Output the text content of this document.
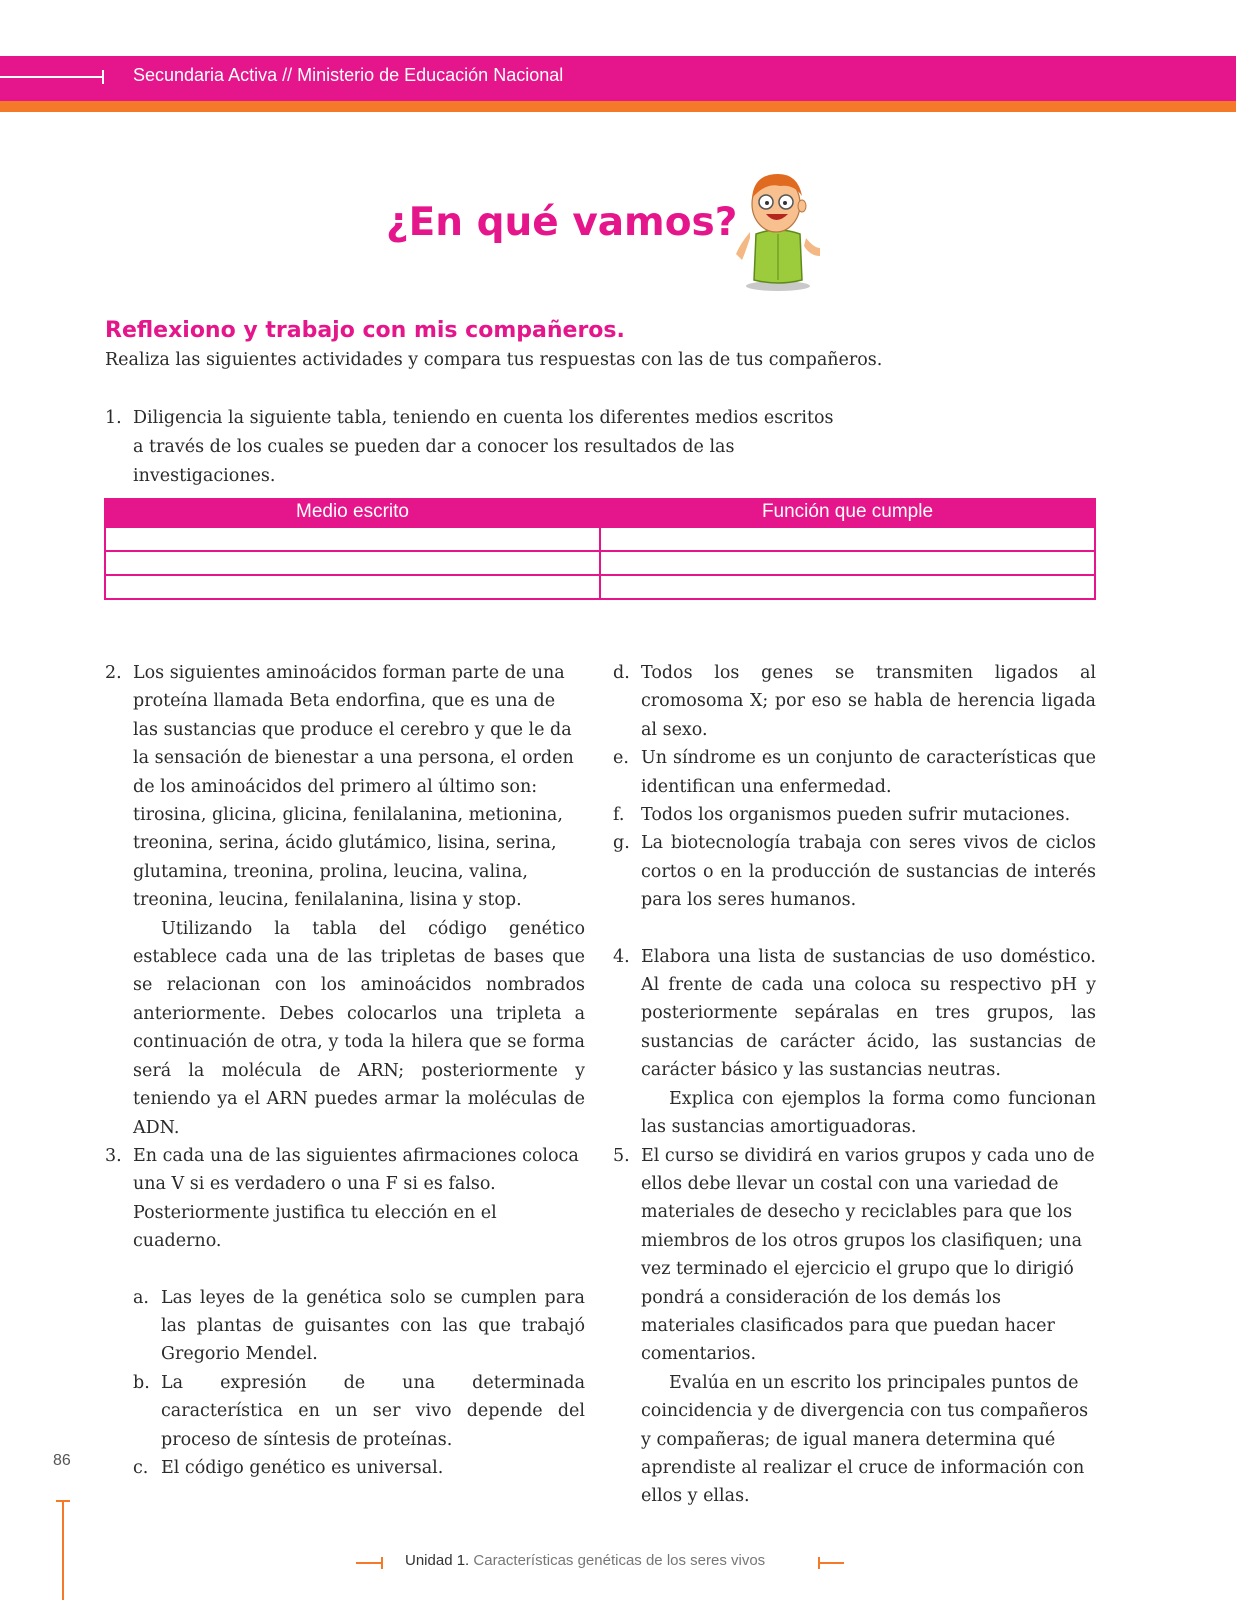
Secundaria Activa // Ministerio de Educación Nacional
¿En qué vamos?
Reflexiono y trabajo con mis compañeros.
Realiza las siguientes actividades y compara tus respuestas con las de tus compañeros.
1. Diligencia la siguiente tabla, teniendo en cuenta los diferentes medios escritos a través de los cuales se pueden dar a conocer los resultados de las investigaciones.
Medio escrito	Función que cumple

2. Los siguientes aminoácidos forman parte de una proteína llamada Beta endorfina, que es una de las sustancias que produce el cerebro y que le da la sensación de bienestar a una persona, el orden de los aminoácidos del primero al último son: tirosina, glicina, glicina, fenilalanina, metionina, treonina, serina, ácido glutámico, lisina, serina, glutamina, treonina, prolina, leucina, valina, treonina, leucina, fenilalanina, lisina y stop.
Utilizando la tabla del código genético establece cada una de las tripletas de bases que se relacionan con los aminoácidos nombrados anteriormente. Debes colocarlos una tripleta a continuación de otra, y toda la hilera que se forma será la molécula de ARN; posteriormente y teniendo ya el ARN puedes armar la moléculas de ADN.
3. En cada una de las siguientes afirmaciones coloca una V si es verdadero o una F si es falso. Posteriormente justifica tu elección en el cuaderno.
a. Las leyes de la genética solo se cumplen para las plantas de guisantes con las que trabajó Gregorio Mendel.
b. La expresión de una determinada característica en un ser vivo depende del proceso de síntesis de proteínas.
c. El código genético es universal.
d. Todos los genes se transmiten ligados al cromosoma X; por eso se habla de herencia ligada al sexo.
e. Un síndrome es un conjunto de características que identifican una enfermedad.
f. Todos los organismos pueden sufrir mutaciones.
g. La biotecnología trabaja con seres vivos de ciclos cortos o en la producción de sustancias de interés para los seres humanos.
4. Elabora una lista de sustancias de uso doméstico. Al frente de cada una coloca su respectivo pH y posteriormente sepáralas en tres grupos, las sustancias de carácter ácido, las sustancias de carácter básico y las sustancias neutras.
Explica con ejemplos la forma como funcionan las sustancias amortiguadoras.
5. El curso se dividirá en varios grupos y cada uno de ellos debe llevar un costal con una variedad de materiales de desecho y reciclables para que los miembros de los otros grupos los clasifiquen; una vez terminado el ejercicio el grupo que lo dirigió pondrá a consideración de los demás los materiales clasificados para que puedan hacer comentarios.
Evalúa en un escrito los principales puntos de coincidencia y de divergencia con tus compañeros y compañeras; de igual manera determina qué aprendiste al realizar el cruce de información con ellos y ellas.
86
Unidad 1. Características genéticas de los seres vivos
